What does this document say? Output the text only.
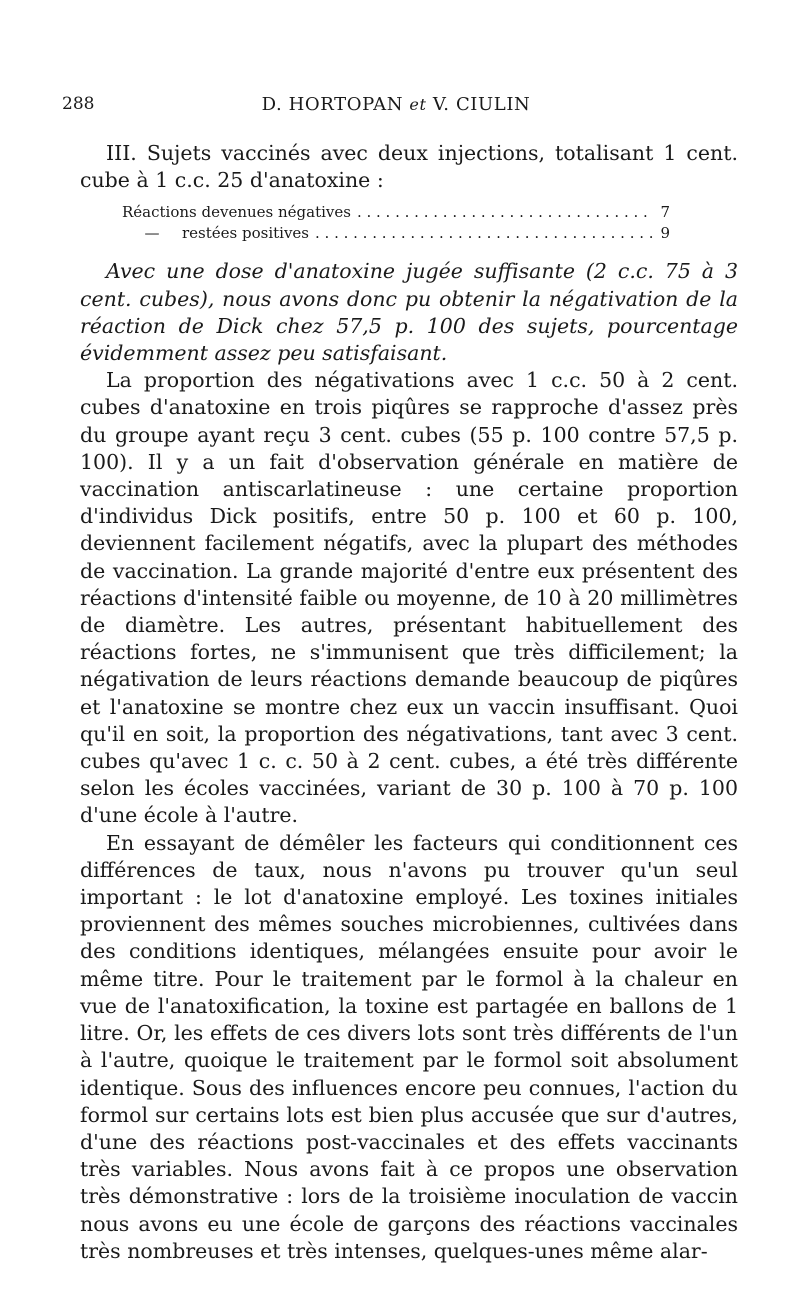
288	D. HORTOPAN et V. CIULIN

III. Sujets vaccinés avec deux injections, totalisant 1 cent. cube à 1 c.c. 25 d'anatoxine :

Réactions devenues négatives . . .	7
—	restées positives . . .	9

Avec une dose d'anatoxine jugée suffisante (2 c.c. 75 à 3 cent. cubes), nous avons donc pu obtenir la négativation de la réaction de Dick chez 57,5 p. 100 des sujets, pourcentage évidemment assez peu satisfaisant.

La proportion des négativations avec 1 c.c. 50 à 2 cent. cubes d'anatoxine en trois piqûres se rapproche d'assez près du groupe ayant reçu 3 cent. cubes (55 p. 100 contre 57,5 p. 100). Il y a un fait d'observation générale en matière de vaccination antiscarlatineuse : une certaine proportion d'individus Dick positifs, entre 50 p. 100 et 60 p. 100, deviennent facilement négatifs, avec la plupart des méthodes de vaccination. La grande majorité d'entre eux présentent des réactions d'intensité faible ou moyenne, de 10 à 20 millimètres de diamètre. Les autres, présentant habituellement des réactions fortes, ne s'immunisent que très difficilement; la négativation de leurs réactions demande beaucoup de piqûres et l'anatoxine se montre chez eux un vaccin insuffisant. Quoi qu'il en soit, la proportion des négativations, tant avec 3 cent. cubes qu'avec 1 c. c. 50 à 2 cent. cubes, a été très différente selon les écoles vaccinées, variant de 30 p. 100 à 70 p. 100 d'une école à l'autre.

En essayant de démêler les facteurs qui conditionnent ces différences de taux, nous n'avons pu trouver qu'un seul important : le lot d'anatoxine employé. Les toxines initiales proviennent des mêmes souches microbiennes, cultivées dans des conditions identiques, mélangées ensuite pour avoir le même titre. Pour le traitement par le formol à la chaleur en vue de l'anatoxification, la toxine est partagée en ballons de 1 litre. Or, les effets de ces divers lots sont très différents de l'un à l'autre, quoique le traitement par le formol soit absolument identique. Sous des influences encore peu connues, l'action du formol sur certains lots est bien plus accusée que sur d'autres, d'une des réactions post-vaccinales et des effets vaccinants très variables. Nous avons fait à ce propos une observation très démonstrative : lors de la troisième inoculation de vaccin nous avons eu une école de garçons des réactions vaccinales très nombreuses et très intenses, quelques-unes même alar-
